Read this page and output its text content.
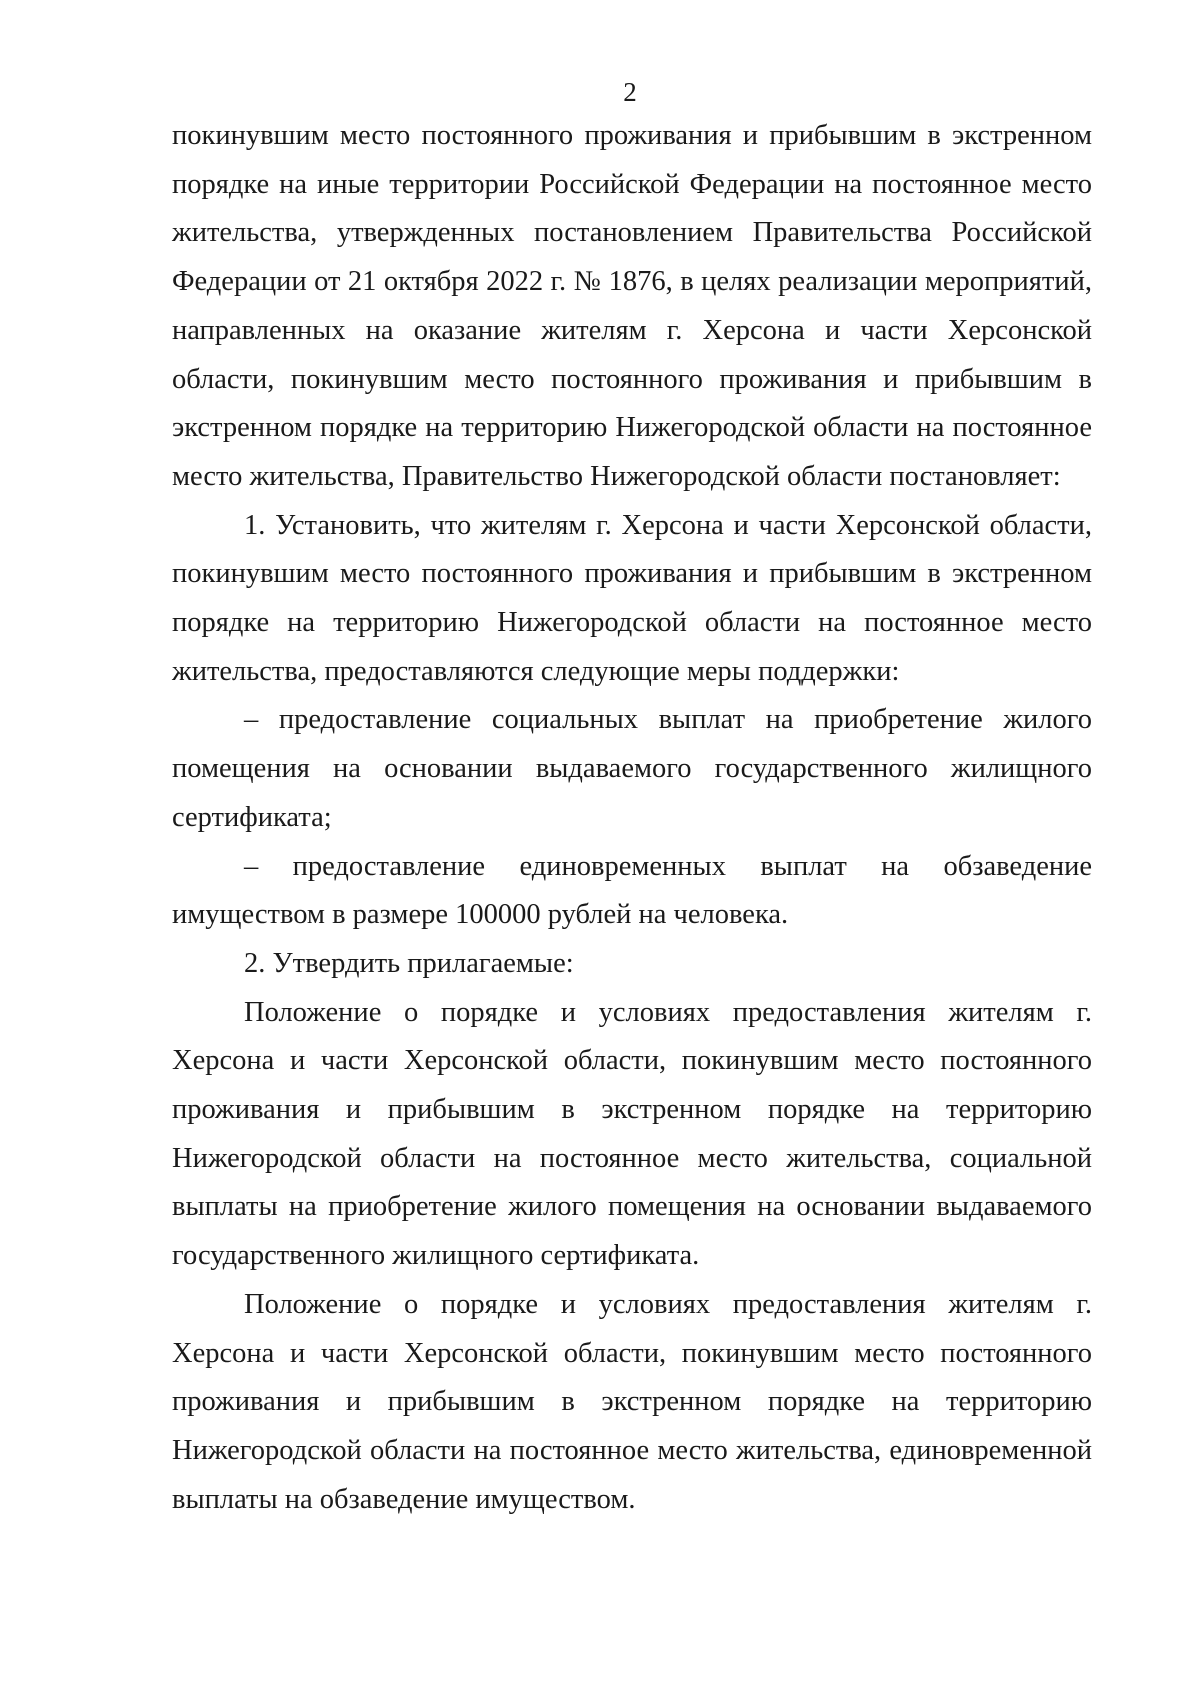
2

покинувшим место постоянного проживания и прибывшим в экстренном порядке на иные территории Российской Федерации на постоянное место жительства, утвержденных постановлением Правительства Российской Федерации от 21 октября 2022 г. № 1876, в целях реализации мероприятий, направленных на оказание жителям г. Херсона и части Херсонской области, покинувшим место постоянного проживания и прибывшим в экстренном порядке на территорию Нижегородской области на постоянное место жительства, Правительство Нижегородской области постановляет:

1. Установить, что жителям г. Херсона и части Херсонской области, покинувшим место постоянного проживания и прибывшим в экстренном порядке на территорию Нижегородской области на постоянное место жительства, предоставляются следующие меры поддержки:

– предоставление социальных выплат на приобретение жилого помещения на основании выдаваемого государственного жилищного сертификата;

– предоставление единовременных выплат на обзаведение имуществом в размере 100000 рублей на человека.

2. Утвердить прилагаемые:

Положение о порядке и условиях предоставления жителям г. Херсона и части Херсонской области, покинувшим место постоянного проживания и прибывшим в экстренном порядке на территорию Нижегородской области на постоянное место жительства, социальной выплаты на приобретение жилого помещения на основании выдаваемого государственного жилищного сертификата.

Положение о порядке и условиях предоставления жителям г. Херсона и части Херсонской области, покинувшим место постоянного проживания и прибывшим в экстренном порядке на территорию Нижегородской области на постоянное место жительства, единовременной выплаты на обзаведение имуществом.
